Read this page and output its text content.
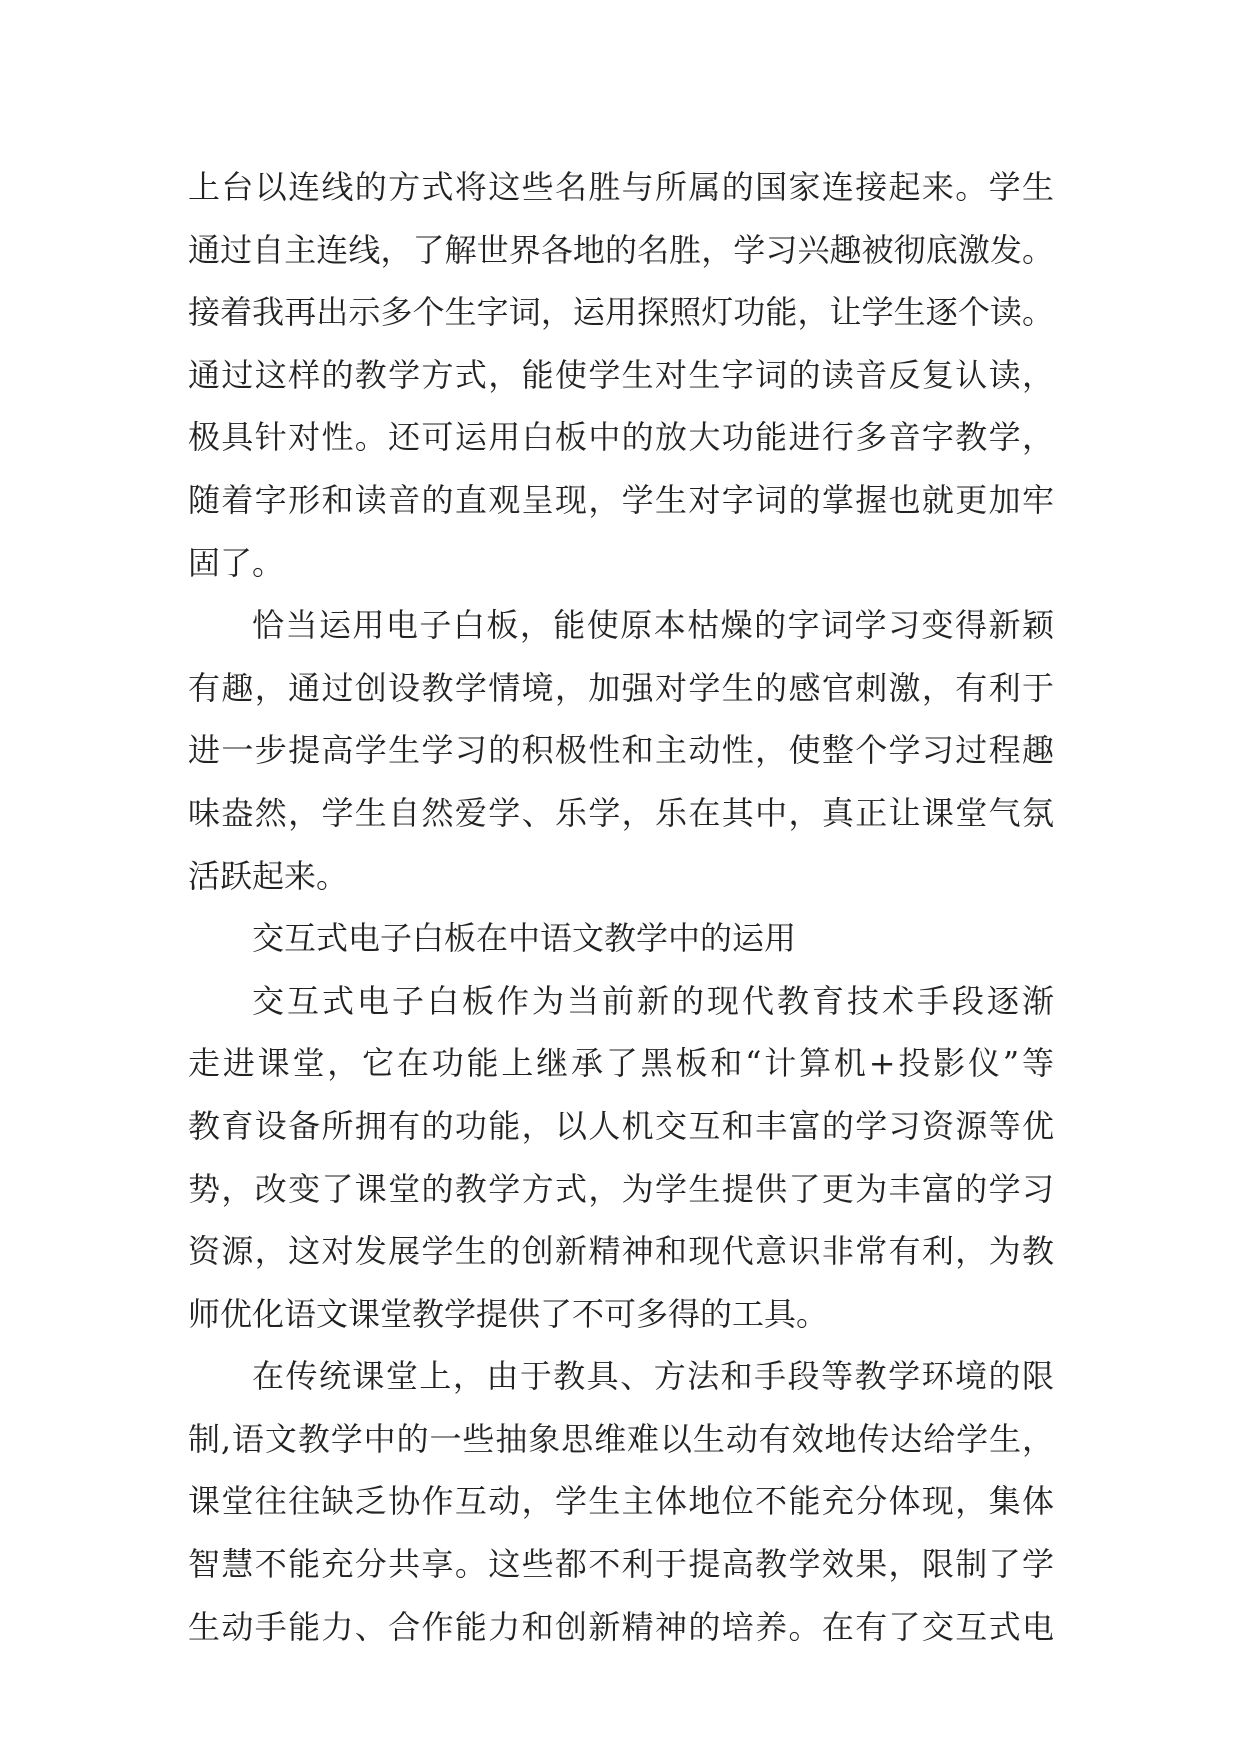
上台以连线的方式将这些名胜与所属的国家连接起来。学生
通过自主连线，了解世界各地的名胜，学习兴趣被彻底激发。
接着我再出示多个生字词，运用探照灯功能，让学生逐个读。
通过这样的教学方式，能使学生对生字词的读音反复认读，
极具针对性。还可运用白板中的放大功能进行多音字教学，
随着字形和读音的直观呈现，学生对字词的掌握也就更加牢
固了。
恰当运用电子白板，能使原本枯燥的字词学习变得新颖
有趣，通过创设教学情境，加强对学生的感官刺激，有利于
进一步提高学生学习的积极性和主动性，使整个学习过程趣
味盎然，学生自然爱学、乐学，乐在其中，真正让课堂气氛
活跃起来。
交互式电子白板在中语文教学中的运用
交互式电子白板作为当前新的现代教育技术手段逐渐
走进课堂，它在功能上继承了黑板和“计算机+投影仪”等
教育设备所拥有的功能，以人机交互和丰富的学习资源等优
势，改变了课堂的教学方式，为学生提供了更为丰富的学习
资源，这对发展学生的创新精神和现代意识非常有利，为教
师优化语文课堂教学提供了不可多得的工具。
在传统课堂上，由于教具、方法和手段等教学环境的限
制,语文教学中的一些抽象思维难以生动有效地传达给学生，
课堂往往缺乏协作互动，学生主体地位不能充分体现，集体
智慧不能充分共享。这些都不利于提高教学效果，限制了学
生动手能力、合作能力和创新精神的培养。在有了交互式电
